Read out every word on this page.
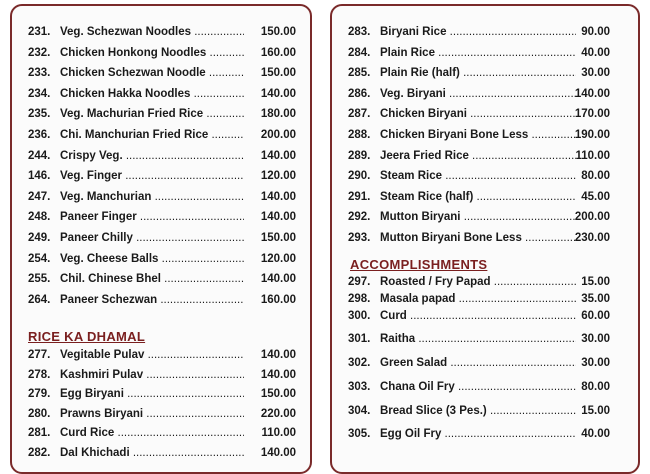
231. Veg. Schezwan Noodles .....	150.00
232. Chicken Honkong Noodles .....	160.00
233. Chicken Schezwan Noodle .....	150.00
234. Chicken Hakka Noodles .....	140.00
235. Veg. Machurian Fried Rice .....	180.00
236. Chi. Manchurian Fried Rice .....	200.00
244. Crispy Veg. .....	140.00
146. Veg. Finger .....	120.00
247. Veg. Manchurian .....	140.00
248. Paneer Finger .....	140.00
249. Paneer Chilly .....	150.00
254. Veg. Cheese Balls .....	120.00
255. Chil. Chinese Bhel .....	140.00
264. Paneer Schezwan .....	160.00
RICE KA DHAMAL
277. Vegitable Pulav .....	140.00
278. Kashmiri Pulav .....	140.00
279. Egg Biryani .....	150.00
280. Prawns Biryani .....	220.00
281. Curd Rice .....	110.00
282. Dal Khichadi .....	140.00
283. Biryani Rice .....	90.00
284. Plain Rice .....	40.00
285. Plain Rie (half) .....	30.00
286. Veg. Biryani .....	140.00
287. Chicken Biryani .....	170.00
288. Chicken Biryani Bone Less .....	190.00
289. Jeera Fried Rice .....	110.00
290. Steam Rice .....	80.00
291. Steam Rice (half) .....	45.00
292. Mutton Biryani .....	200.00
293. Mutton Biryani Bone Less .....	230.00
ACCOMPLISHMENTS
297. Roasted / Fry Papad .....	15.00
298. Masala papad .....	35.00
300. Curd .....	60.00
301. Raitha .....	30.00
302. Green Salad .....	30.00
303. Chana Oil Fry .....	80.00
304. Bread Slice (3 Pes.) .....	15.00
305. Egg Oil Fry .....	40.00
